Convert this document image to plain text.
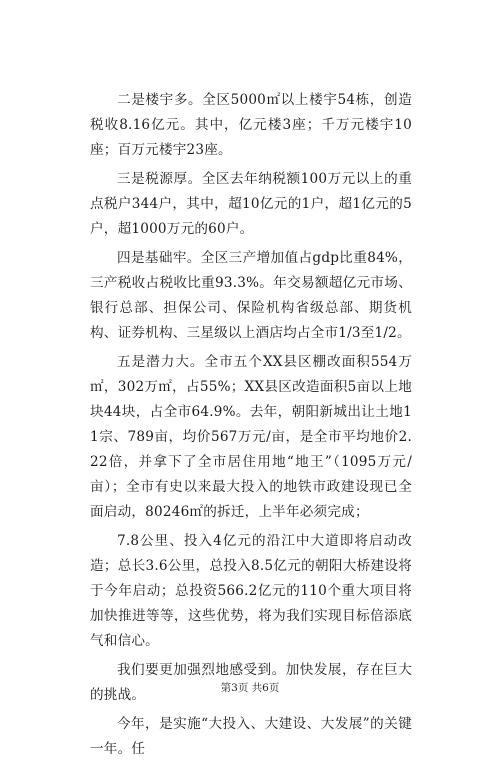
二是楼宇多。全区5000㎡以上楼宇54栋，创造税收8.16亿元。其中，亿元楼3座；千万元楼宇10座；百万元楼宇23座。

三是税源厚。全区去年纳税额100万元以上的重点税户344户，其中，超10亿元的1户，超1亿元的5户，超1000万元的60户。

四是基础牢。全区三产增加值占gdp比重84%，三产税收占税收比重93.3%。年交易额超亿元市场、银行总部、担保公司、保险机构省级总部、期货机构、证券机构、三星级以上酒店均占全市1/3至1/2。

五是潜力大。全市五个XX县区棚改面积554万㎡，302万㎡，占55%；XX县区改造面积5亩以上地块44块，占全市64.9%。去年，朝阳新城出让土地11宗、789亩，均价567万元/亩，是全市平均地价2.22倍，并拿下了全市居住用地“地王”（1095万元/亩）；全市有史以来最大投入的地铁市政建设现已全面启动，80246㎡的拆迁，上半年必须完成；

7.8公里、投入4亿元的沿江中大道即将启动改造；总长3.6公里，总投入8.5亿元的朝阳大桥建设将于今年启动；总投资566.2亿元的110个重大项目将加快推进等等，这些优势，将为我们实现目标倍添底气和信心。

我们要更加强烈地感受到。加快发展，存在巨大的挑战。

今年，是实施“大投入、大建设、大发展”的关键一年。任

第3页 共6页
